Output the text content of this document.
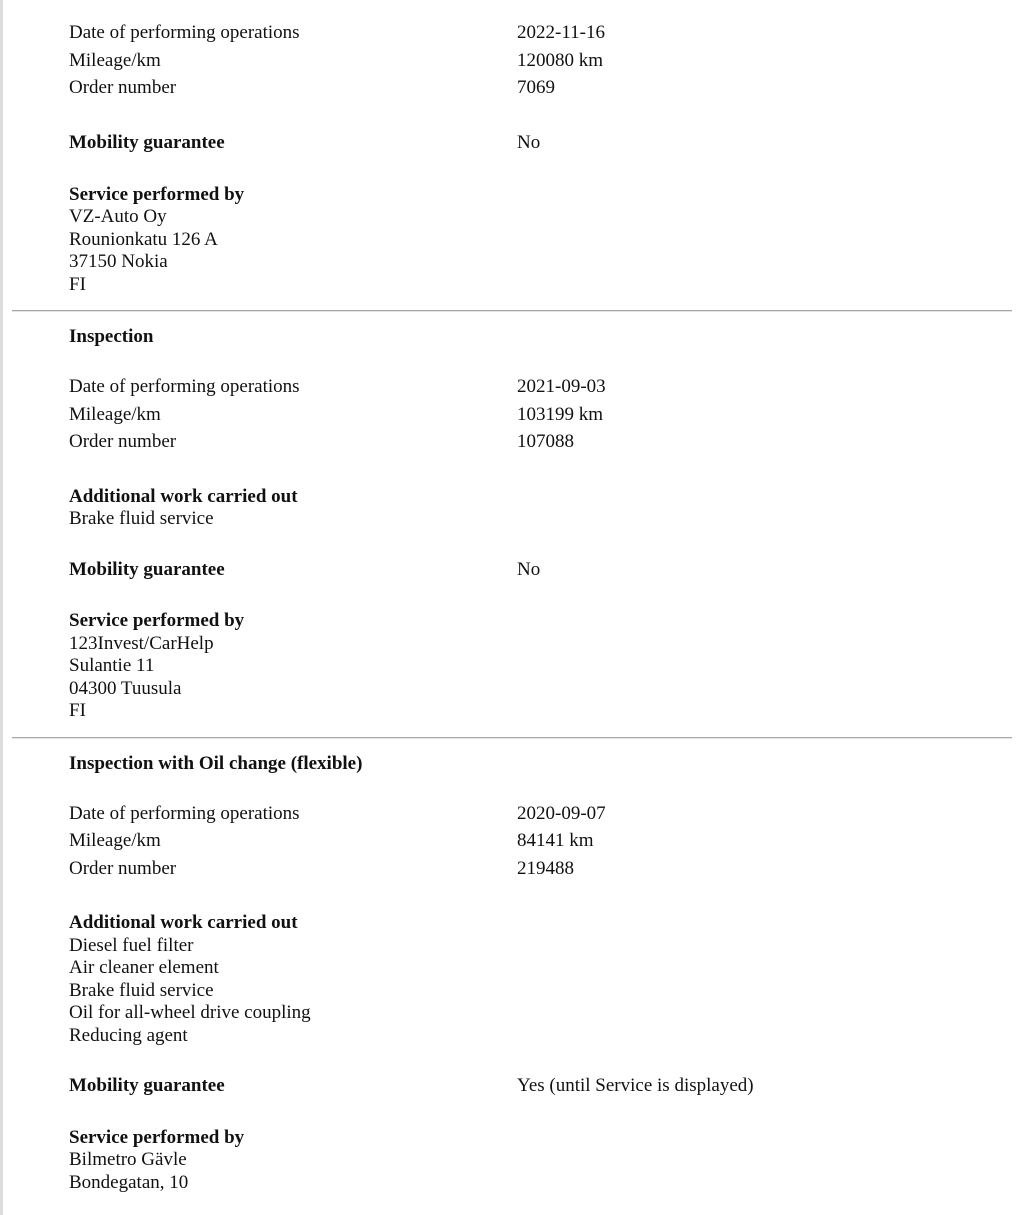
Date of performing operations	2022-11-16
Mileage/km	120080 km
Order number	7069
Mobility guarantee	No
Service performed by
VZ-Auto Oy
Rounionkatu 126 A
37150 Nokia
FI
Inspection
Date of performing operations	2021-09-03
Mileage/km	103199 km
Order number	107088
Additional work carried out
Brake fluid service
Mobility guarantee	No
Service performed by
123Invest/CarHelp
Sulantie 11
04300 Tuusula
FI
Inspection with Oil change (flexible)
Date of performing operations	2020-09-07
Mileage/km	84141 km
Order number	219488
Additional work carried out
Diesel fuel filter
Air cleaner element
Brake fluid service
Oil for all-wheel drive coupling
Reducing agent
Mobility guarantee	Yes (until Service is displayed)
Service performed by
Bilmetro Gävle
Bondegatan, 10
